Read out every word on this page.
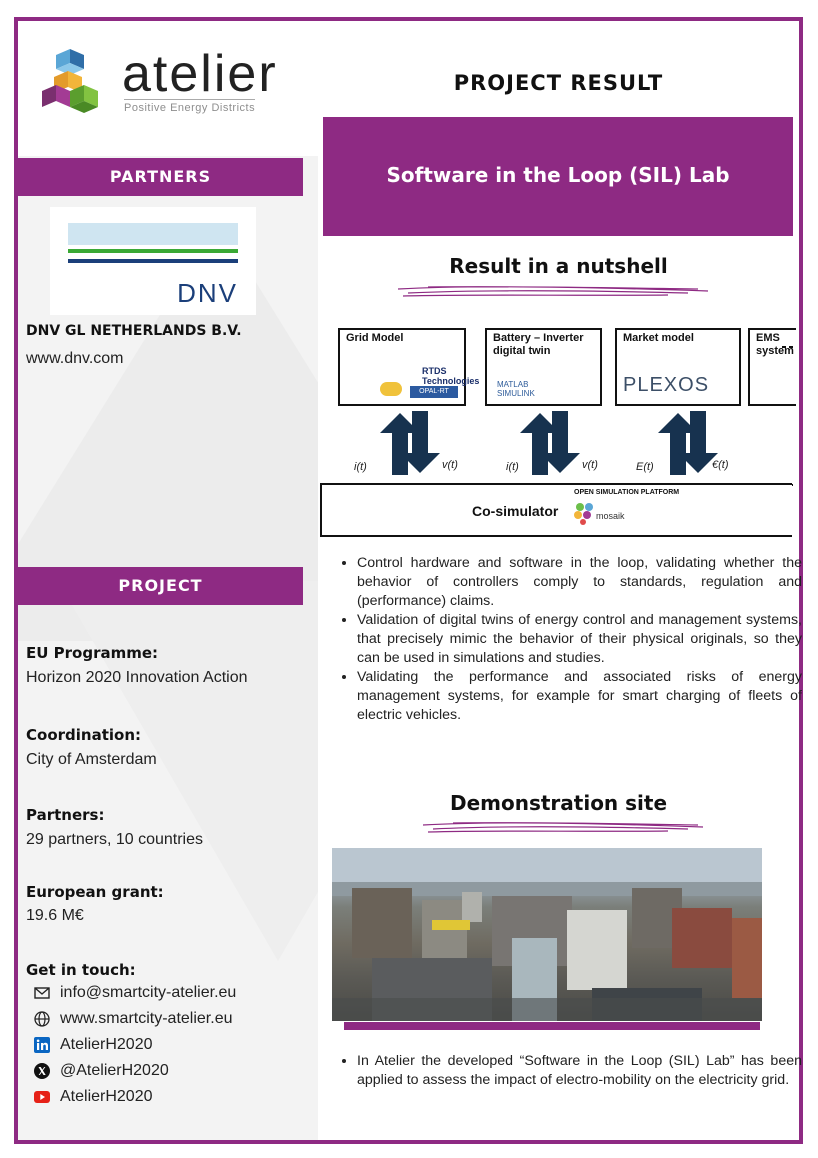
atelier
Positive Energy Districts
PARTNERS
DNV
DNV GL NETHERLANDS B.V.
www.dnv.com
PROJECT
EU Programme:
Horizon 2020 Innovation Action
Coordination:
City of Amsterdam
Partners:
29 partners, 10 countries
European grant:
19.6 M€
Get in touch:
info@smartcity-atelier.eu
www.smartcity-atelier.eu
AtelierH2020
@AtelierH2020
AtelierH2020
PROJECT RESULT
Software in the Loop (SIL) Lab
Result in a nutshell
Grid Model
RTDS Technologies
OPAL-RT
Battery – Inverter digital twin
MATLAB SIMULINK
Market model
PLEXOS
EMS system
i(t)	v(t)	i(t)	v(t)	E(t)	€(t)
OPEN SIMULATION PLATFORM
Co-simulator	mosaik
• Control hardware and software in the loop, validating whether the behavior of controllers comply to standards, regulation and (performance) claims.
• Validation of digital twins of energy control and management systems, that precisely mimic the behavior of their physical originals, so they can be used in simulations and studies.
• Validating the performance and associated risks of energy management systems, for example for smart charging of fleets of electric vehicles.
Demonstration site
• In Atelier the developed “Software in the Loop (SIL) Lab” has been applied to assess the impact of electro-mobility on the electricity grid.
